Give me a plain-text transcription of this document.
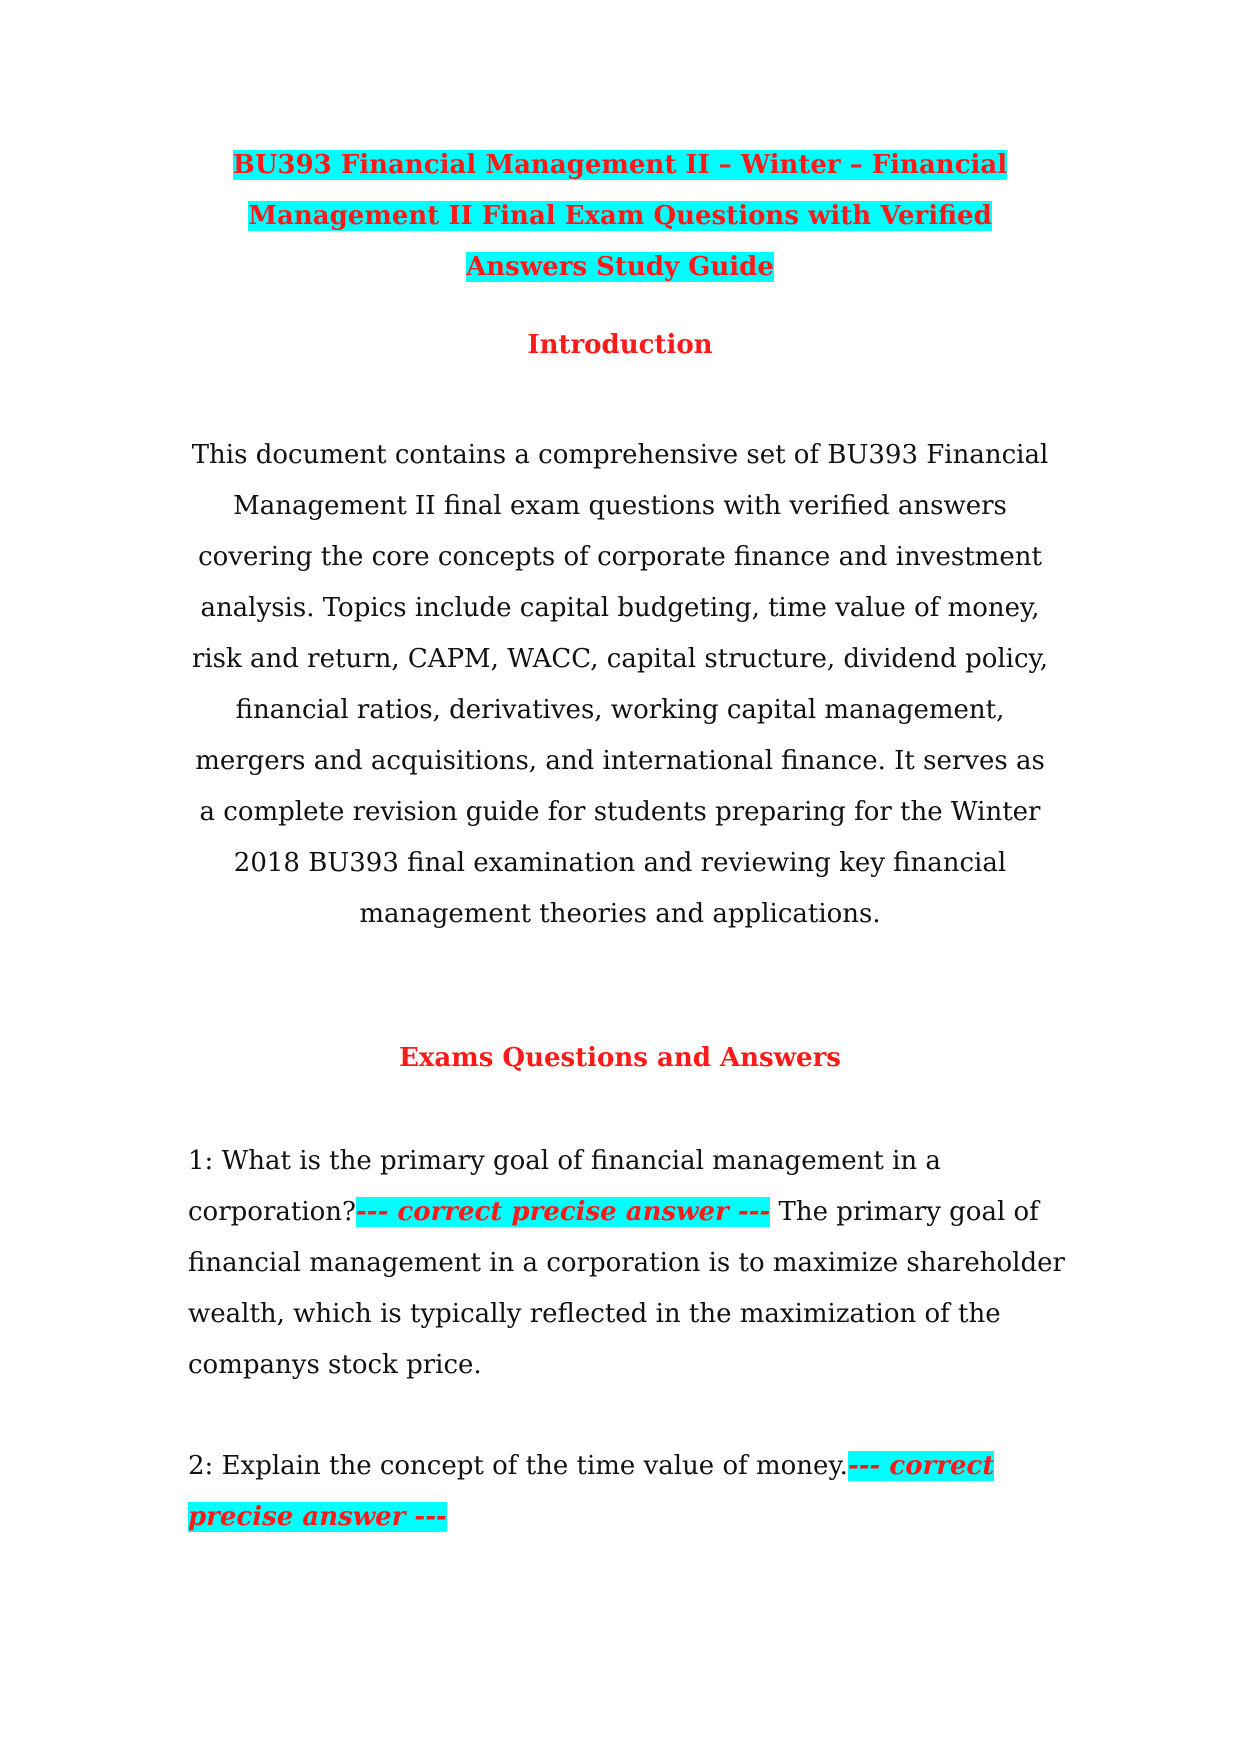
BU393 Financial Management II – Winter – Financial Management II Final Exam Questions with Verified Answers Study Guide
Introduction
This document contains a comprehensive set of BU393 Financial Management II final exam questions with verified answers covering the core concepts of corporate finance and investment analysis. Topics include capital budgeting, time value of money, risk and return, CAPM, WACC, capital structure, dividend policy, financial ratios, derivatives, working capital management, mergers and acquisitions, and international finance. It serves as a complete revision guide for students preparing for the Winter 2018 BU393 final examination and reviewing key financial management theories and applications.
Exams Questions and Answers
1: What is the primary goal of financial management in a corporation?--- correct precise answer --- The primary goal of financial management in a corporation is to maximize shareholder wealth, which is typically reflected in the maximization of the companys stock price.
2: Explain the concept of the time value of money.--- correct precise answer ---
